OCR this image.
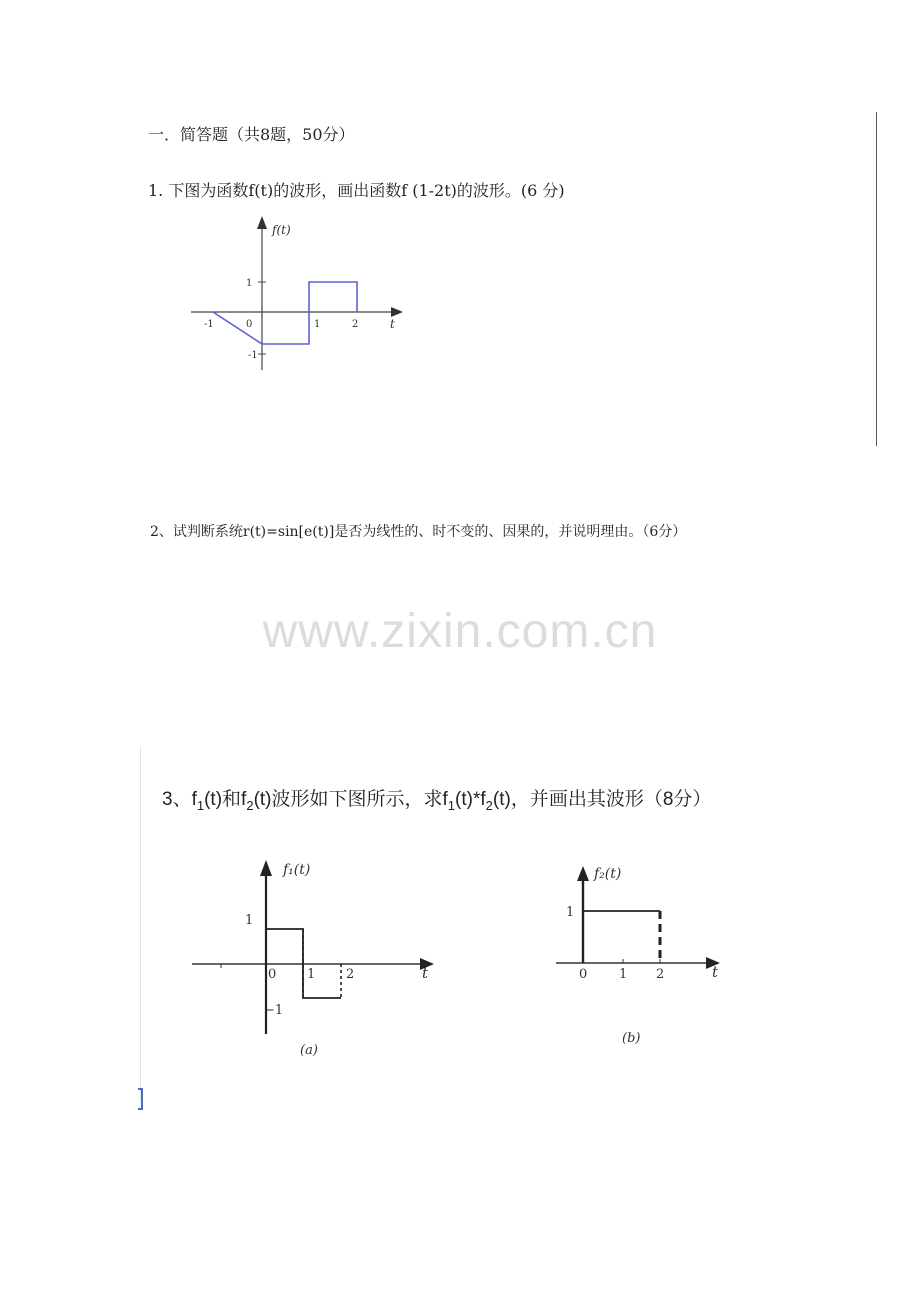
一．简答题（共8题，50分）
1. 下图为函数f(t)的波形，画出函数f (1-2t)的波形。(6 分)
f(t)
t
-1	0	1	2
1
-1
2、试判断系统r(t)=sin[e(t)]是否为线性的、时不变的、因果的，并说明理由。（6分）
www.zixin.com.cn
3、$f_1(t)$和$f_2(t)$波形如下图所示，求$f_1(t)*f_2(t)$，并画出其波形（8分）
f₁(t)
t
0 1 2
1
−1
(a)
f₂(t)
t
0 1 2
1
(b)
